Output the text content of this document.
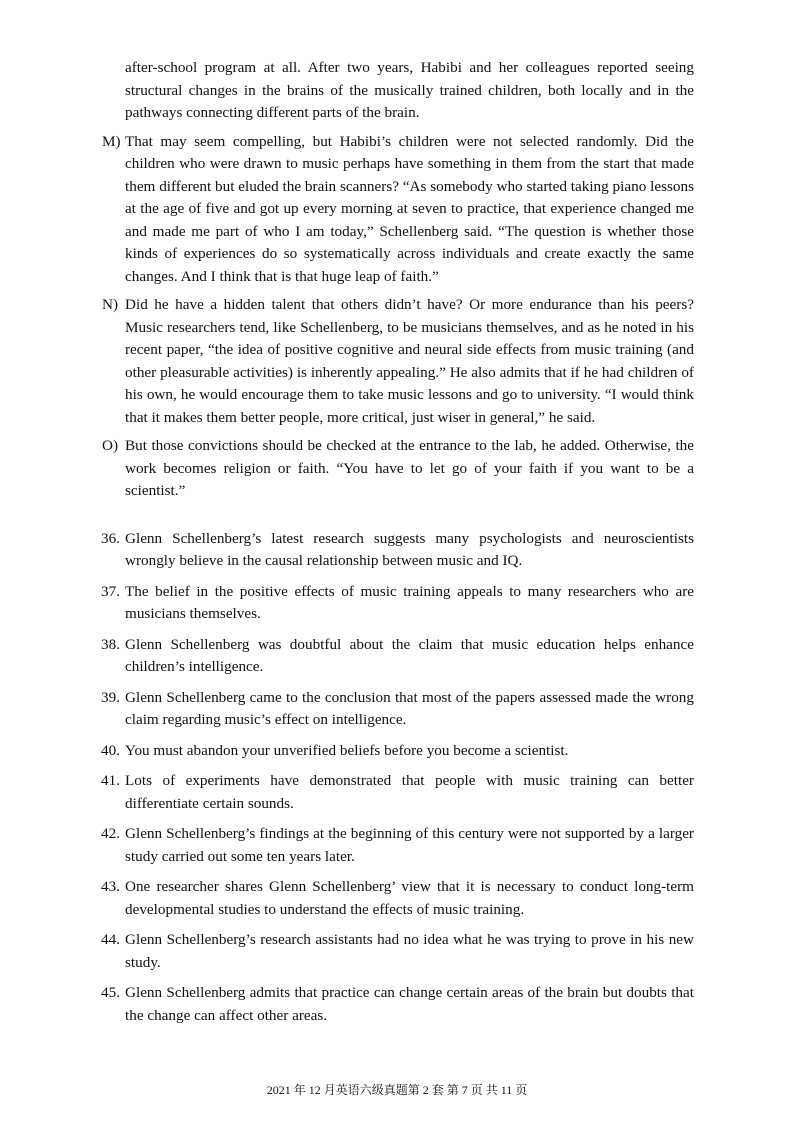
after-school program at all. After two years, Habibi and her colleagues reported seeing structural changes in the brains of the musically trained children, both locally and in the pathways connecting different parts of the brain.
M) That may seem compelling, but Habibi’s children were not selected randomly. Did the children who were drawn to music perhaps have something in them from the start that made them different but eluded the brain scanners? “As somebody who started taking piano lessons at the age of five and got up every morning at seven to practice, that experience changed me and made me part of who I am today,” Schellenberg said. “The question is whether those kinds of experiences do so systematically across individuals and create exactly the same changes. And I think that is that huge leap of faith.”
N) Did he have a hidden talent that others didn’t have? Or more endurance than his peers? Music researchers tend, like Schellenberg, to be musicians themselves, and as he noted in his recent paper, “the idea of positive cognitive and neural side effects from music training (and other pleasurable activities) is inherently appealing.” He also admits that if he had children of his own, he would encourage them to take music lessons and go to university. “I would think that it makes them better people, more critical, just wiser in general,” he said.
O) But those convictions should be checked at the entrance to the lab, he added. Otherwise, the work becomes religion or faith. “You have to let go of your faith if you want to be a scientist.”
36. Glenn Schellenberg’s latest research suggests many psychologists and neuroscientists wrongly believe in the causal relationship between music and IQ.
37. The belief in the positive effects of music training appeals to many researchers who are musicians themselves.
38. Glenn Schellenberg was doubtful about the claim that music education helps enhance children’s intelligence.
39. Glenn Schellenberg came to the conclusion that most of the papers assessed made the wrong claim regarding music’s effect on intelligence.
40. You must abandon your unverified beliefs before you become a scientist.
41. Lots of experiments have demonstrated that people with music training can better differentiate certain sounds.
42. Glenn Schellenberg’s findings at the beginning of this century were not supported by a larger study carried out some ten years later.
43. One researcher shares Glenn Schellenberg’ view that it is necessary to conduct long-term developmental studies to understand the effects of music training.
44. Glenn Schellenberg’s research assistants had no idea what he was trying to prove in his new study.
45. Glenn Schellenberg admits that practice can change certain areas of the brain but doubts that the change can affect other areas.
2021 年 12 月英语六级真题第 2 套 第 7 页 共 11 页
